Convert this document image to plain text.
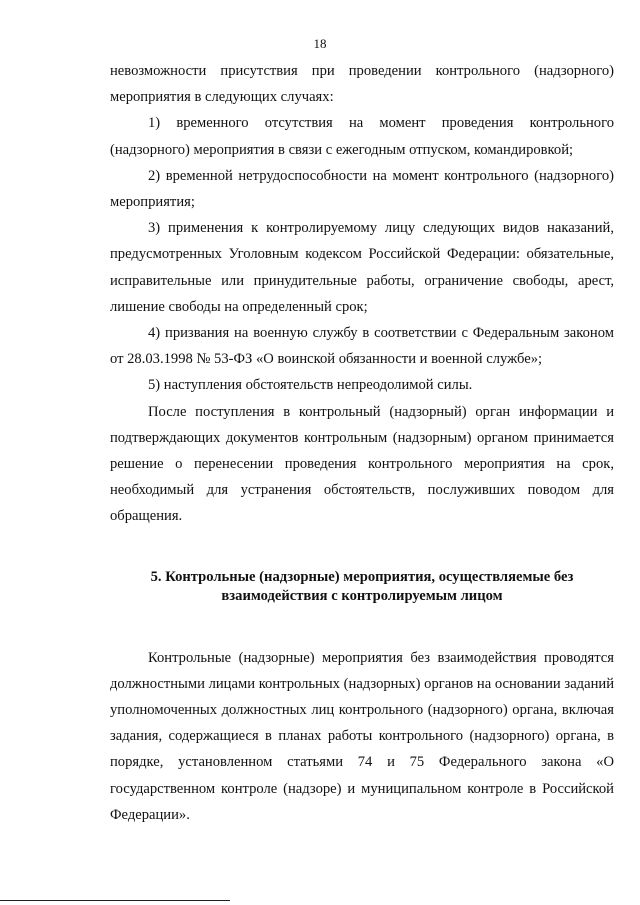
18

невозможности присутствия при проведении контрольного (надзорного) мероприятия в следующих случаях:

1) временного отсутствия на момент проведения контрольного (надзорного) мероприятия в связи с ежегодным отпуском, командировкой;

2) временной нетрудоспособности на момент контрольного (надзорного) мероприятия;

3) применения к контролируемому лицу следующих видов наказаний, предусмотренных Уголовным кодексом Российской Федерации: обязательные, исправительные или принудительные работы, ограничение свободы, арест, лишение свободы на определенный срок;

4) призвания на военную службу в соответствии с Федеральным законом от 28.03.1998 № 53-ФЗ «О воинской обязанности и военной службе»;

5) наступления обстоятельств непреодолимой силы.

После поступления в контрольный (надзорный) орган информации и подтверждающих документов контрольным (надзорным) органом принимается решение о перенесении проведения контрольного мероприятия на срок, необходимый для устранения обстоятельств, послуживших поводом для обращения.

5. Контрольные (надзорные) мероприятия, осуществляемые без
взаимодействия с контролируемым лицом

Контрольные (надзорные) мероприятия без взаимодействия проводятся должностными лицами контрольных (надзорных) органов на основании заданий уполномоченных должностных лиц контрольного (надзорного) органа, включая задания, содержащиеся в планах работы контрольного (надзорного) органа, в порядке, установленном статьями 74 и 75 Федерального закона «О государственном контроле (надзоре) и муниципальном контроле в Российской Федерации».
